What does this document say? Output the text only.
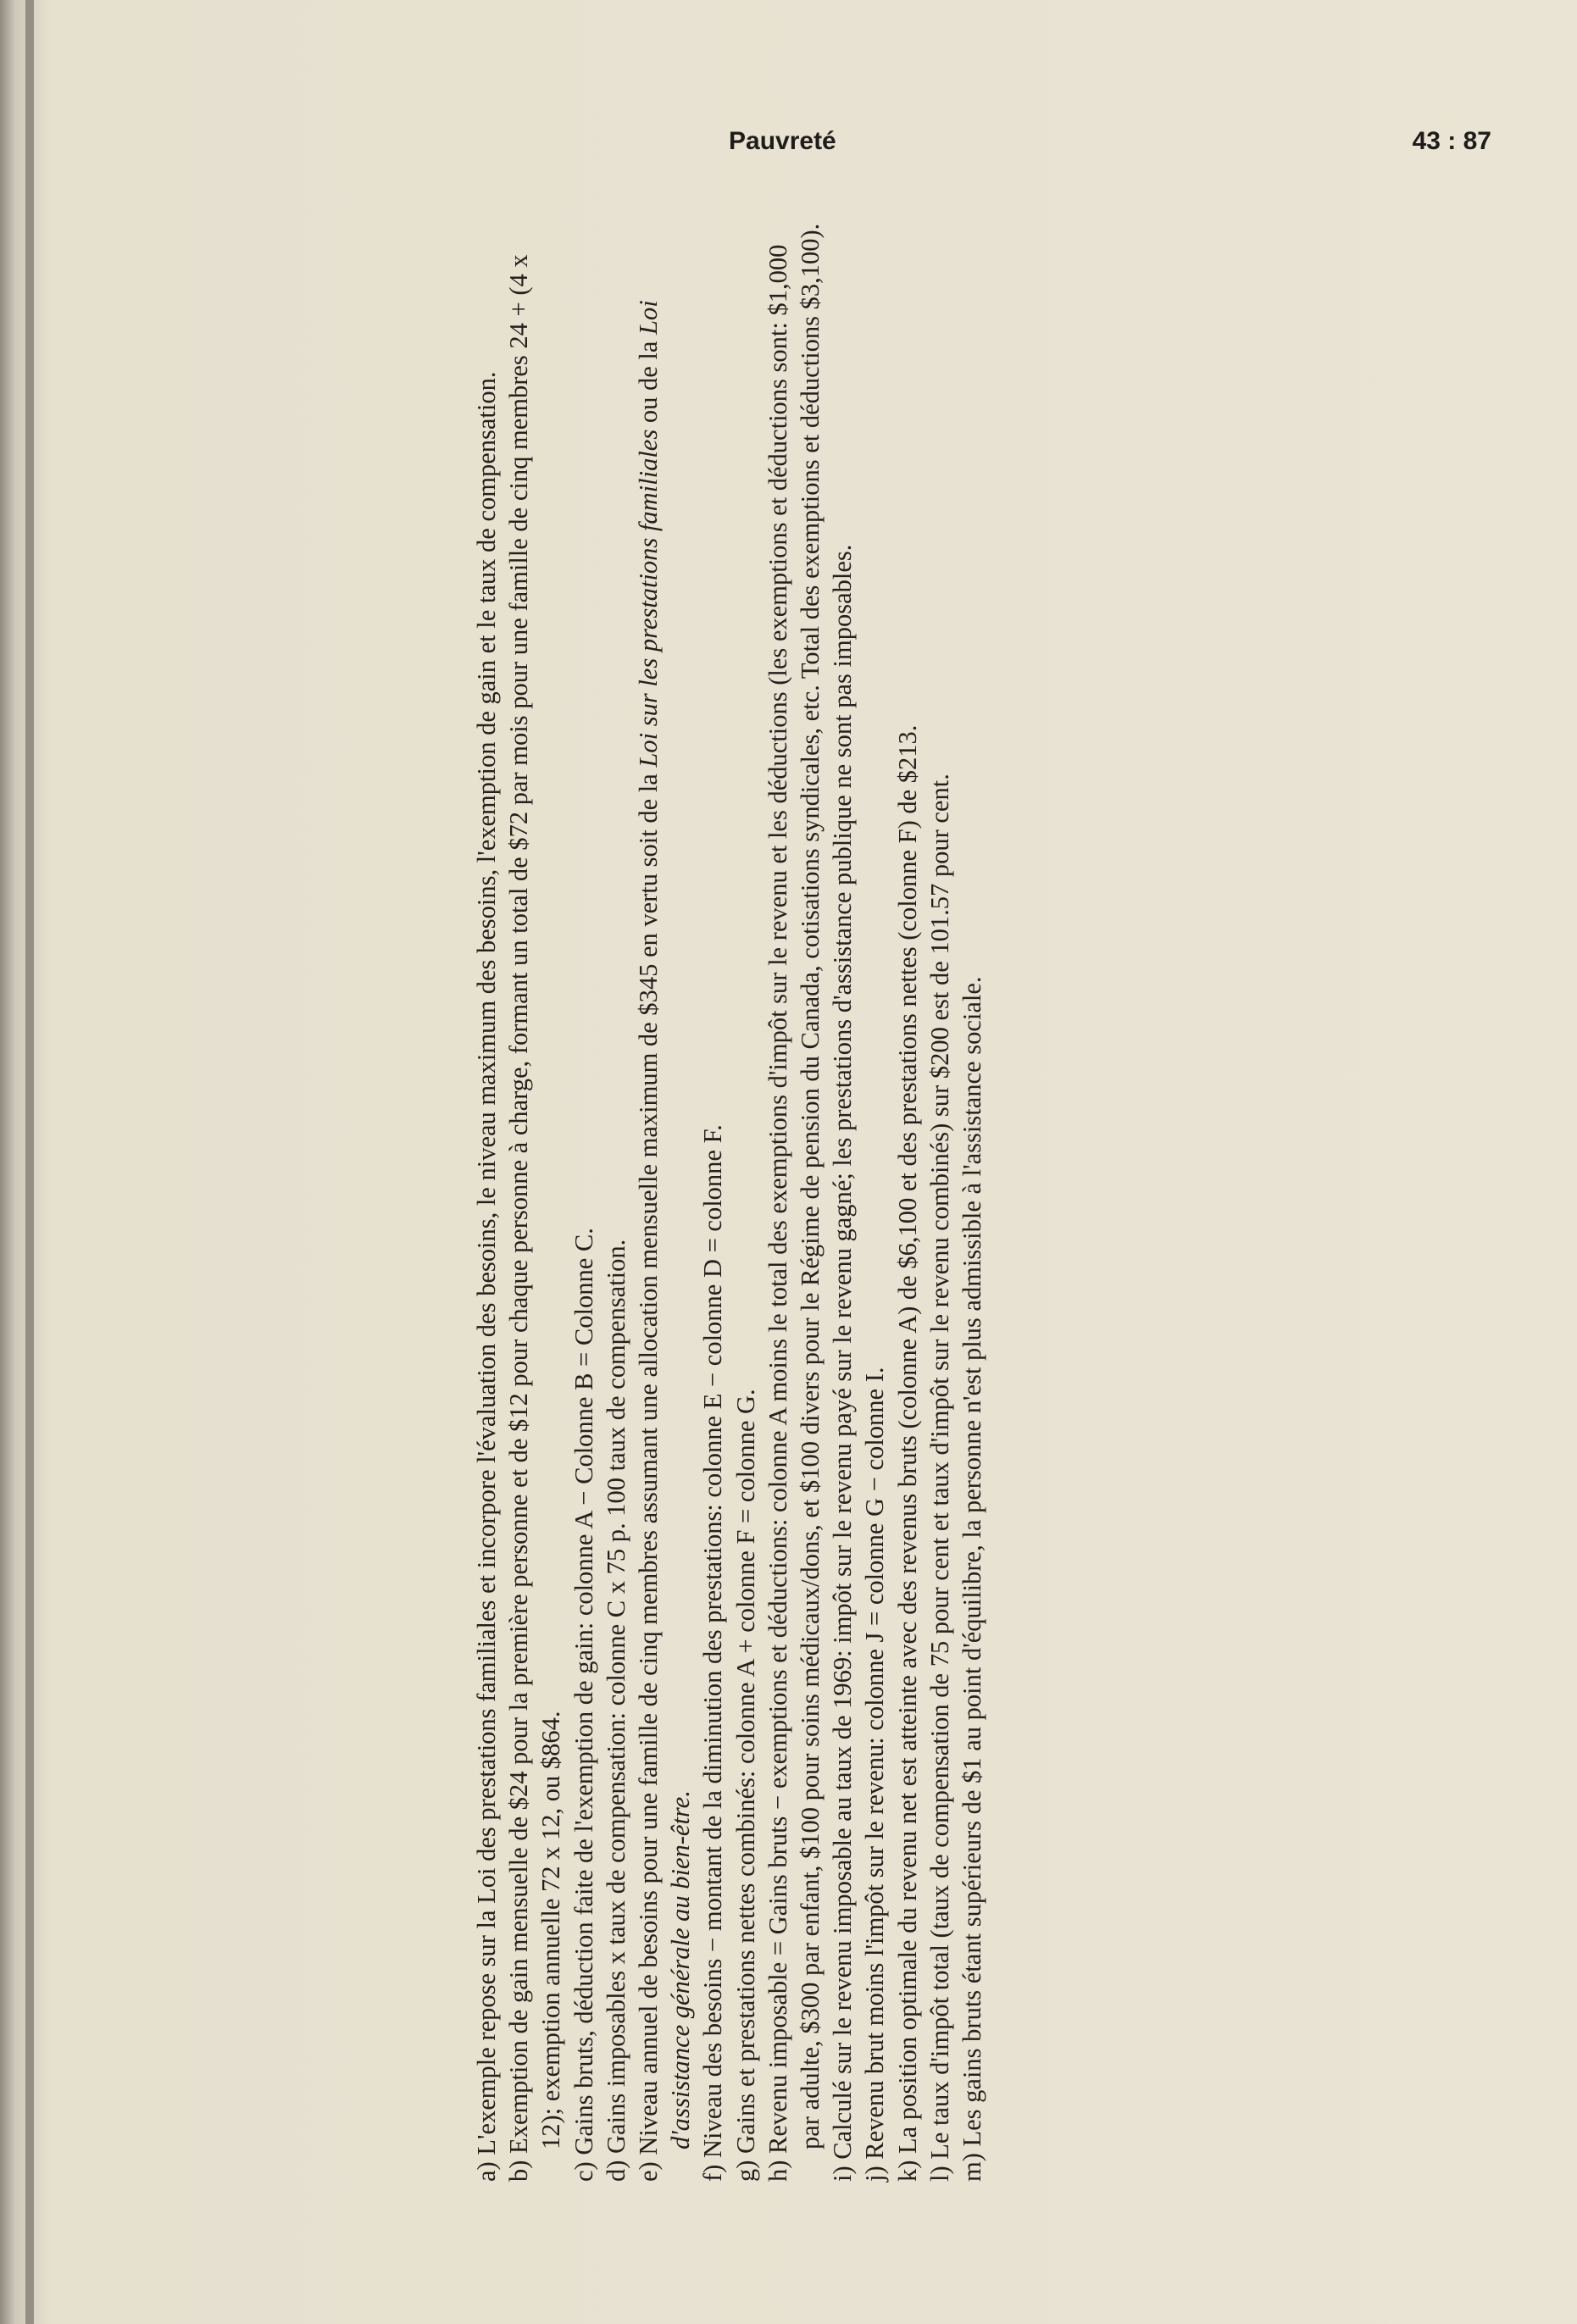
Pauvreté	43 : 87
a) L'exemple repose sur la Loi des prestations familiales et incorpore l'évaluation des besoins, le niveau maximum des besoins, l'exemption de gain et le taux de compensation. b) Exemption de gain mensuelle de $24 pour la première personne et de $12 pour chaque personne à charge, formant un total de $72 par mois pour une famille de cinq membres 24 + (4 x 12); exemption annuelle 72 x 12, ou $864. c) Gains bruts, déduction faite de l'exemption de gain: colonne A − Colonne B = Colonne C. d) Gains imposables x taux de compensation: colonne C x 75 p. 100 taux de compensation. e) Niveau annuel de besoins pour une famille de cinq membres assumant une allocation mensuelle maximum de $345 en vertu soit de la Loi sur les prestations familiales ou de la Loi d'assistance générale au bien-être. f) Niveau des besoins − montant de la diminution des prestations: colonne E − colonne D = colonne F. g) Gains et prestations nettes combinés: colonne A + colonne F = colonne G. h) Revenu imposable = Gains bruts − exemptions et déductions: colonne A moins le total des exemptions d'impôt sur le revenu et les déductions (les exemptions et déductions sont: $1,000 par adulte, $300 par enfant, $100 pour soins médicaux/dons, et $100 divers pour le Régime de pension du Canada, cotisations syndicales, etc. Total des exemptions et déductions $3,100). i) Calculé sur le revenu imposable au taux de 1969: impôt sur le revenu payé sur le revenu gagné; les prestations d'assistance publique ne sont pas imposables. j) Revenu brut moins l'impôt sur le revenu: colonne J = colonne G − colonne I. k) La position optimale du revenu net est atteinte avec des revenus bruts (colonne A) de $6,100 et des prestations nettes (colonne F) de $213. l) Le taux d'impôt total (taux de compensation de 75 pour cent et taux d'impôt sur le revenu combinés) sur $200 est de 101.57 pour cent. m) Les gains bruts étant supérieurs de $1 au point d'équilibre, la personne n'est plus admissible à l'assistance sociale.
